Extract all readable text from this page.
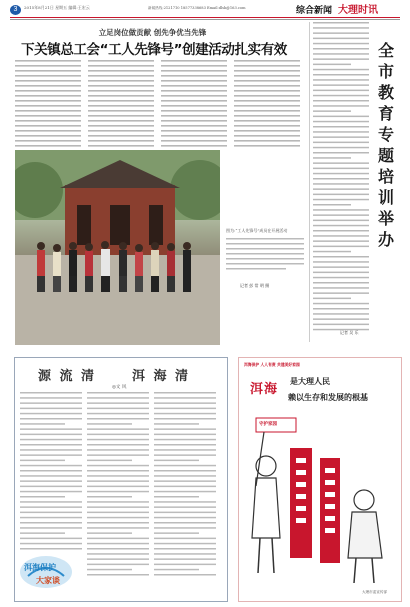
3	2015年8月21日 星期五 编辑:王宏云	新闻热线:2121710 18577338683 Email:dlsb@163.com	综合新闻 大理时讯
立足岗位做贡献 创先争优当先锋
下关镇总工会“工人先锋号”创建活动扎实有效
图为:“工人先锋号”成员在开展活动
记者 彭 常 明 摄
全市教育专题培训举办
记者 吴 乐
源 流 清	洱 海 清
◎文 风
洱海保护
大家谈
洱海保护 人人有责 共建美好家园
洱 海
是大理人民
赖以生存和发展的根基
守护家园
大理市委宣传部
